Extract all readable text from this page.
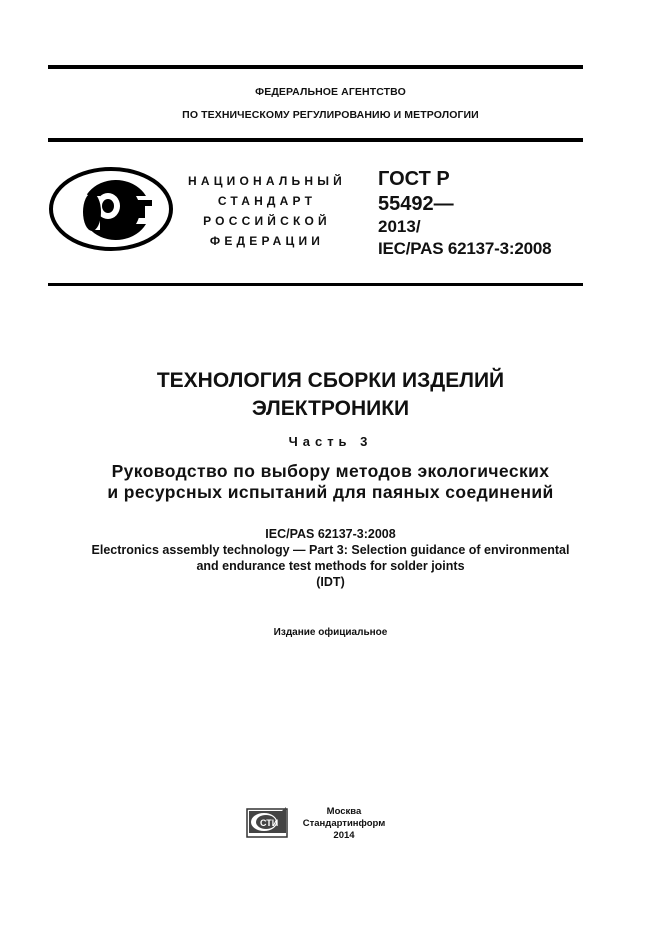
ФЕДЕРАЛЬНОЕ АГЕНТСТВО
ПО ТЕХНИЧЕСКОМУ РЕГУЛИРОВАНИЮ И МЕТРОЛОГИИ
НАЦИОНАЛЬНЫЙ
СТАНДАРТ
РОССИЙСКОЙ
ФЕДЕРАЦИИ
ГОСТ Р
55492—
2013/
IEC/PAS 62137-3:2008
ТЕХНОЛОГИЯ СБОРКИ ИЗДЕЛИЙ
ЭЛЕКТРОНИКИ
Часть 3
Руководство по выбору методов экологических
и ресурсных испытаний для паяных соединений
IEC/PAS 62137-3:2008
Electronics assembly technology — Part 3: Selection guidance of environmental
and endurance test methods for solder joints
(IDT)
Издание официальное
СТИ
Москва
Стандартинформ
2014
